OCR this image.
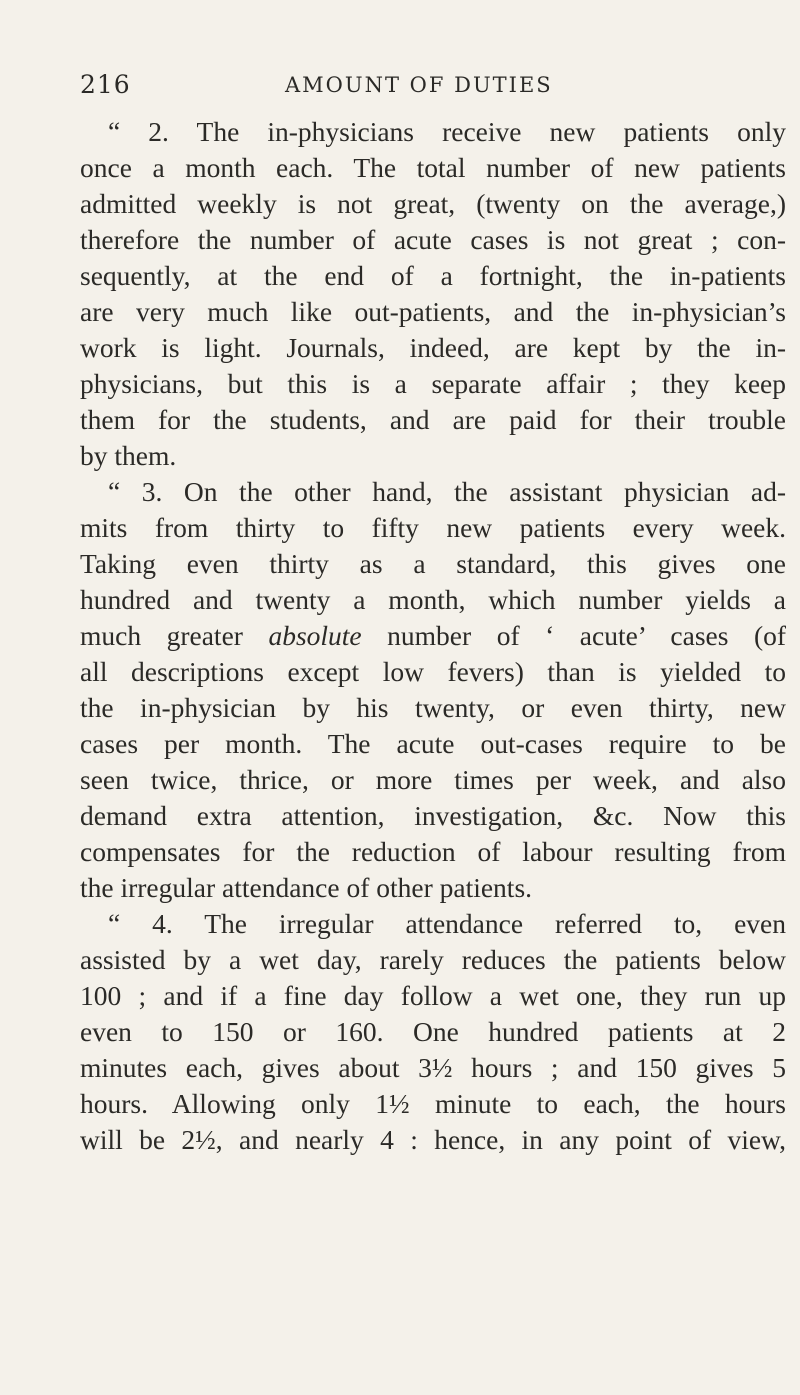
216	AMOUNT OF DUTIES
“ 2. The in-physicians receive new patients only
once a month each. The total number of new patients
admitted weekly is not great, (twenty on the average,)
therefore the number of acute cases is not great ; con-
sequently, at the end of a fortnight, the in-patients
are very much like out-patients, and the in-physician’s
work is light. Journals, indeed, are kept by the in-
physicians, but this is a separate affair ; they keep
them for the students, and are paid for their trouble
by them.
“ 3. On the other hand, the assistant physician ad-
mits from thirty to fifty new patients every week.
Taking even thirty as a standard, this gives one
hundred and twenty a month, which number yields a
much greater absolute number of ‘ acute’ cases (of
all descriptions except low fevers) than is yielded to
the in-physician by his twenty, or even thirty, new
cases per month. The acute out-cases require to be
seen twice, thrice, or more times per week, and also
demand extra attention, investigation, &c. Now this
compensates for the reduction of labour resulting from
the irregular attendance of other patients.
“ 4. The irregular attendance referred to, even
assisted by a wet day, rarely reduces the patients below
100 ; and if a fine day follow a wet one, they run up
even to 150 or 160. One hundred patients at 2
minutes each, gives about 3½ hours ; and 150 gives 5
hours. Allowing only 1½ minute to each, the hours
will be 2½, and nearly 4 : hence, in any point of view,
